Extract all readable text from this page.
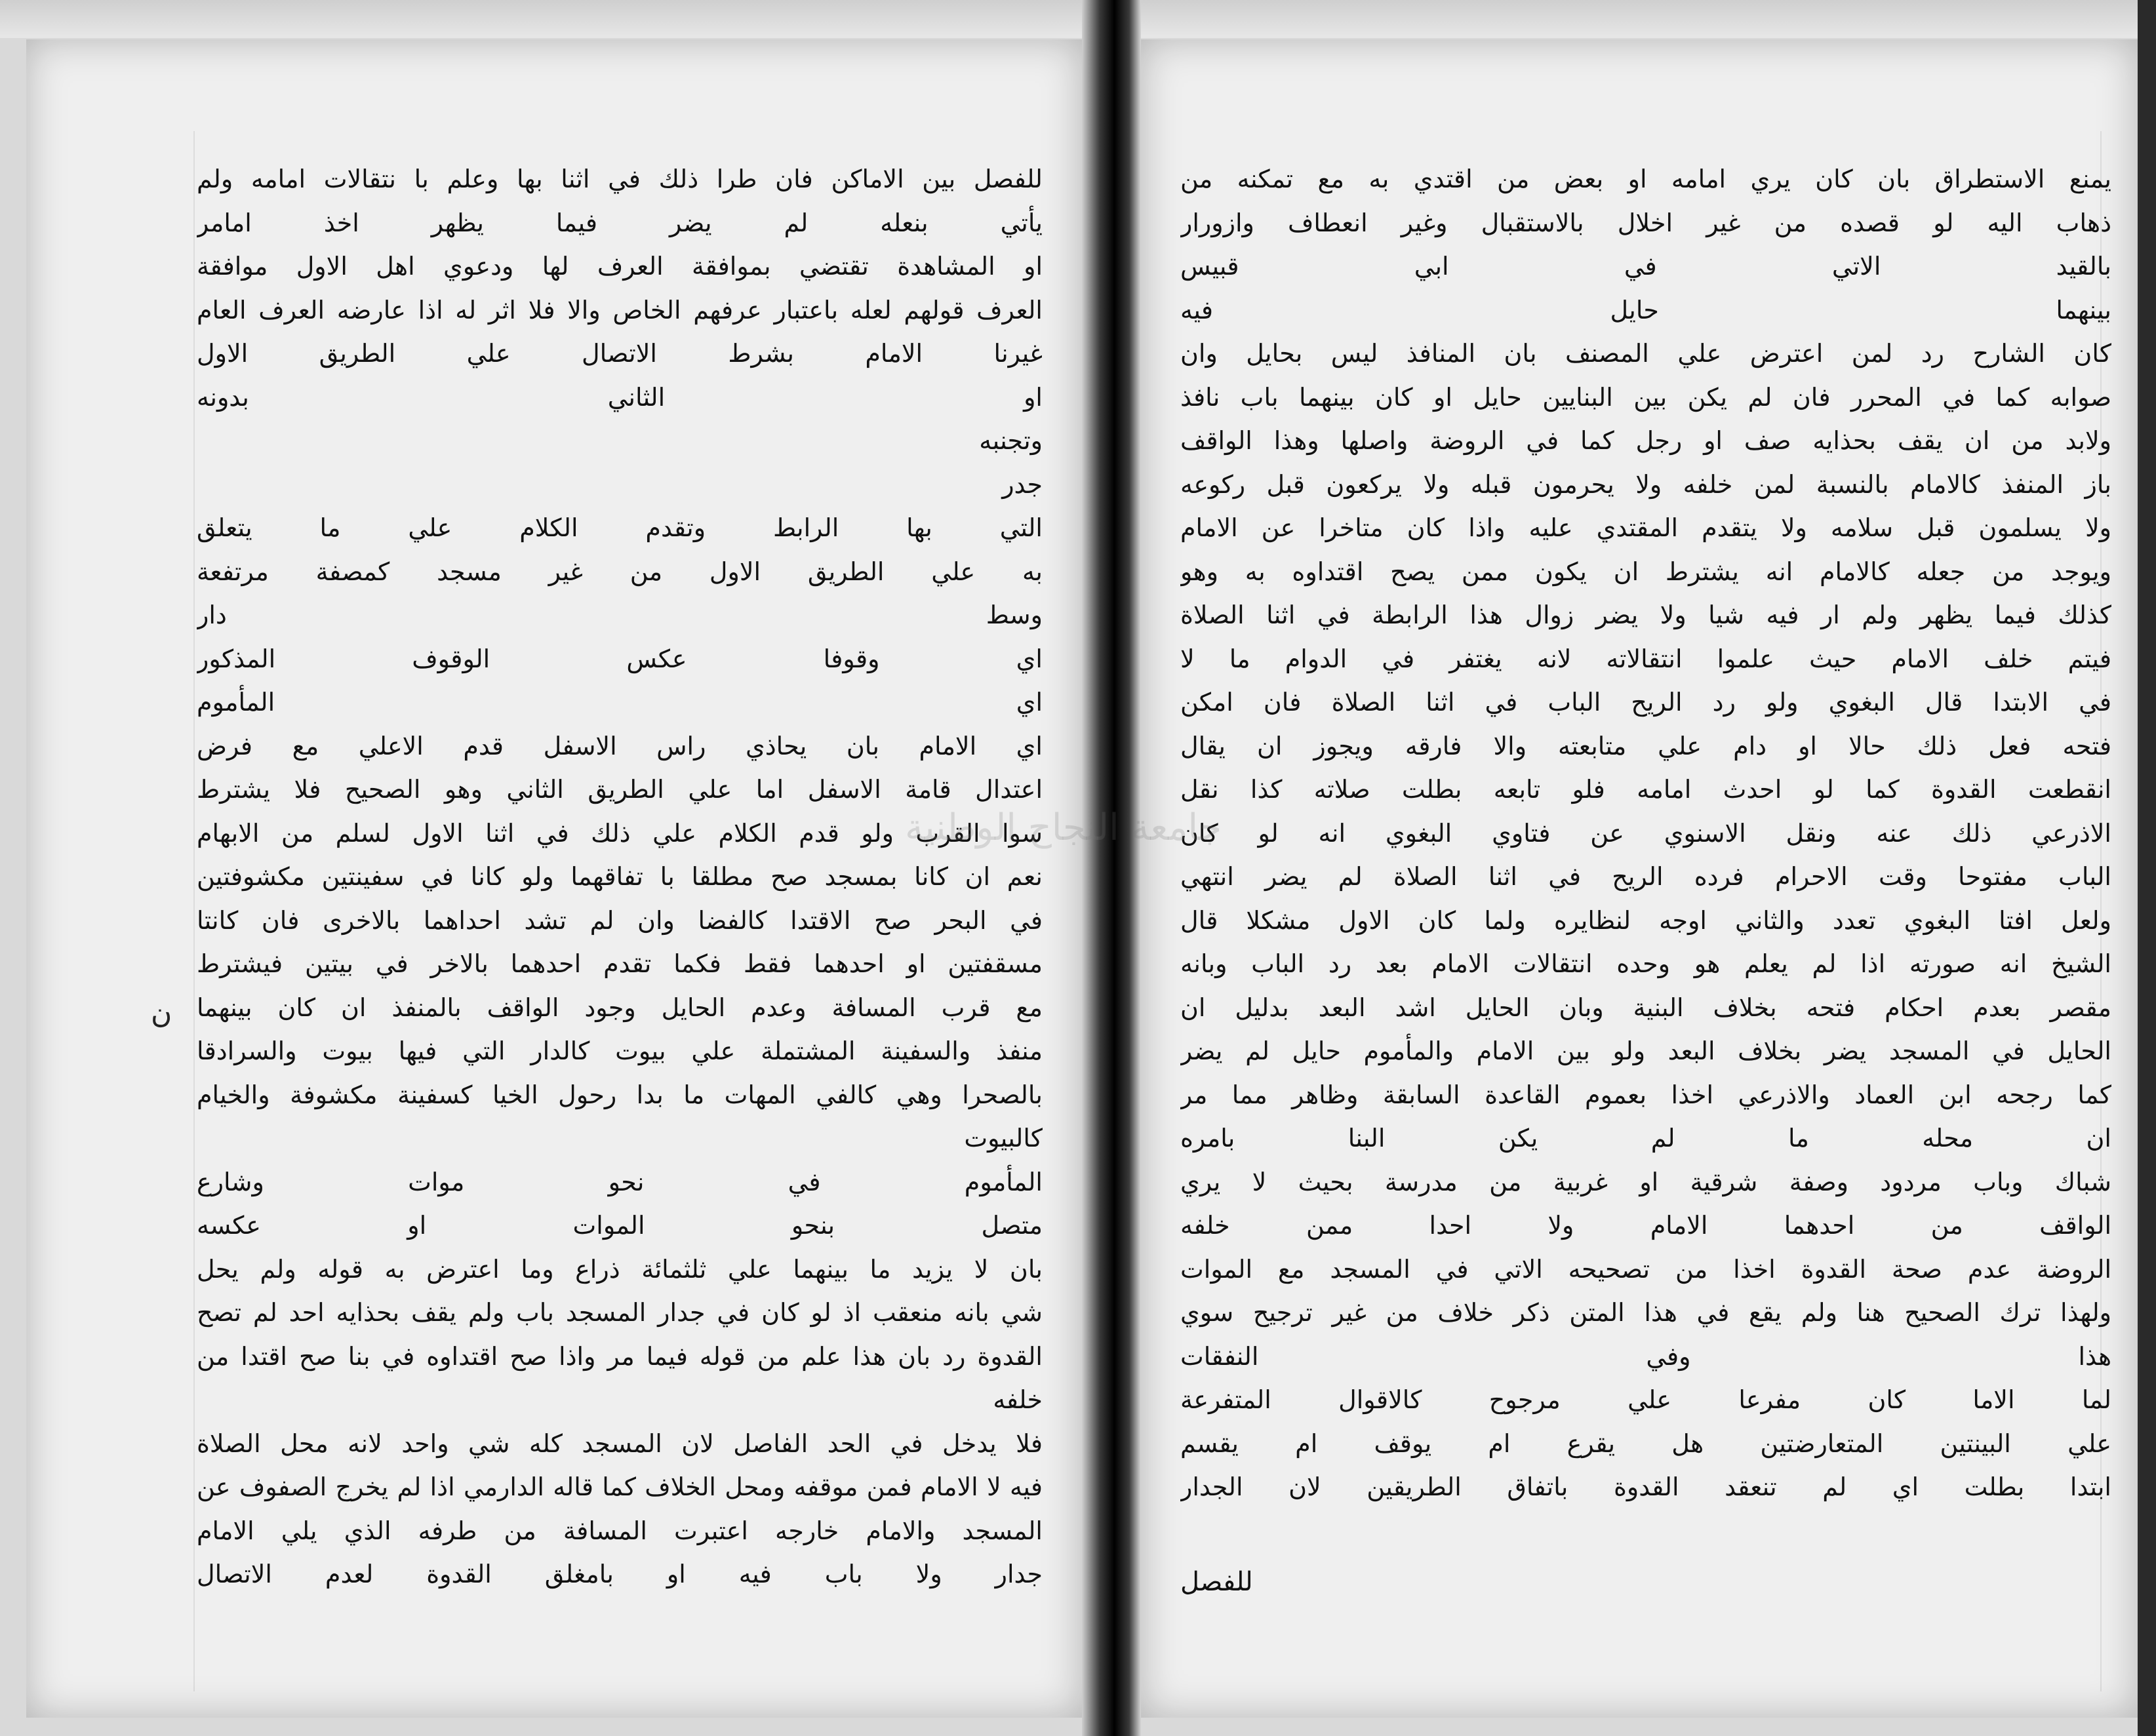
للفصل بين الاماكن فان طرا ذلك في اثنا بها وعلم با نتقالات امامه ولم
يأتي بنعله لم يضر فيما يظهر اخذ امامر
او المشاهدة تقتضي بموافقة العرف لها ودعوي اهل الاول موافقة
العرف قولهم لعله باعتبار عرفهم الخاص والا فلا اثر له اذا عارضه العرف العام
غيرنا الامام بشرط الاتصال علي الطريق الاول
او الثاني بدونه
وتجنبه
جدر
التي بها الرابط وتقدم الكلام علي ما يتعلق
به علي الطريق الاول من غير مسجد كمصفة مرتفعة
وسط دار
اي وقوفا عكس الوقوف المذكور
اي المأموم
اي الامام بان يحاذي راس الاسفل قدم الاعلي مع فرض
اعتدال قامة الاسفل اما علي الطريق الثاني وهو الصحيح فلا يشترط
سوا القرب ولو قدم الكلام علي ذلك في اثنا الاول لسلم من الابهام
نعم ان كانا بمسجد صح مطلقا با تفاقهما ولو كانا في سفينتين مكشوفتين
في البحر صح الاقتدا كالفضا وان لم تشد احداهما بالاخرى فان كانتا
مسقفتين او احدهما فقط فكما تقدم احدهما بالاخر في بيتين فيشترط
مع قرب المسافة وعدم الحايل وجود الواقف بالمنفذ ان كان بينهما
منفذ والسفينة المشتملة علي بيوت كالدار التي فيها بيوت والسرادقا
بالصحرا وهي كالفي المهات ما بدا رحول الخيا كسفينة مكشوفة والخيام
كالبيوت
المأموم في نحو موات وشارع
متصل بنحو الموات او عكسه
بان لا يزيد ما بينهما علي ثلثمائة ذراع وما اعترض به قوله ولم يحل
شي بانه منعقب اذ لو كان في جدار المسجد باب ولم يقف بحذايه احد لم تصح
القدوة رد بان هذا علم من قوله فيما مر واذا صح اقتداوه في بنا صح اقتدا من
خلفه
فلا يدخل في الحد الفاصل لان المسجد كله شي واحد لانه محل الصلاة
فيه لا الامام فمن موقفه ومحل الخلاف كما قاله الدارمي اذا لم يخرج الصفوف عن
المسجد والامام خارجه اعتبرت المسافة من طرفه الذي يلي الامام
جدار ولا باب فيه او بامغلق القدوة لعدم الاتصال
ن
يمنع الاستطراق بان كان يري امامه او بعض من اقتدي به مع تمكنه من
ذهاب اليه لو قصده من غير اخلال بالاستقبال وغير انعطاف وازورار
بالقيد الاتي في ابي قبيس
بينهما حايل فيه
كان الشارح رد لمن اعترض علي المصنف بان المنافذ ليس بحايل وان
صوابه كما في المحرر فان لم يكن بين البنايين حايل او كان بينهما باب نافذ
ولابد من ان يقف بحذايه صف او رجل كما في الروضة واصلها وهذا الواقف
باز المنفذ كالامام بالنسبة لمن خلفه ولا يحرمون قبله ولا يركعون قبل ركوعه
ولا يسلمون قبل سلامه ولا يتقدم المقتدي عليه واذا كان متاخرا عن الامام
ويوجد من جعله كالامام انه يشترط ان يكون ممن يصح اقتداوه به وهو
كذلك فيما يظهر ولم ار فيه شيا ولا يضر زوال هذا الرابطة في اثنا الصلاة
فيتم خلف الامام حيث علموا انتقالاته لانه يغتفر في الدوام ما لا
في الابتدا قال البغوي ولو رد الريح الباب في اثنا الصلاة فان امكن
فتحه فعل ذلك حالا او دام علي متابعته والا فارقه ويجوز ان يقال
انقطعت القدوة كما لو احدث امامه فلو تابعه بطلت صلاته كذا نقل
الاذرعي ذلك عنه ونقل الاسنوي عن فتاوي البغوي انه لو كان
الباب مفتوحا وقت الاحرام فرده الريح في اثنا الصلاة لم يضر انتهي
ولعل افتا البغوي تعدد والثاني اوجه لنظايره ولما كان الاول مشكلا قال
الشيخ انه صورته اذا لم يعلم هو وحده انتقالات الامام بعد رد الباب وبانه
مقصر بعدم احكام فتحه بخلاف البنية وبان الحايل اشد البعد بدليل ان
الحايل في المسجد يضر بخلاف البعد ولو بين الامام والمأموم حايل لم يضر
كما رجحه ابن العماد والاذرعي اخذا بعموم القاعدة السابقة وظاهر مما مر
ان محله ما لم يكن البنا بامره
شباك وباب مردود وصفة شرقية او غربية من مدرسة بحيث لا يري
الواقف من احدهما الامام ولا احدا ممن خلفه
الروضة عدم صحة القدوة اخذا من تصحيحه الاتي في المسجد مع الموات
ولهذا ترك الصحيح هنا ولم يقع في هذا المتن ذكر خلاف من غير ترجيح سوي
هذا وفي النفقات
لما الاما كان مفرعا علي مرجوح كالاقوال المتفرعة
علي البينتين المتعارضتين هل يقرع ام يوقف ام يقسم
ابتدا بطلت اي لم تنعقد القدوة باتفاق الطريقين لان الجدار
جامعة النجاح الوطنية
للفصل
